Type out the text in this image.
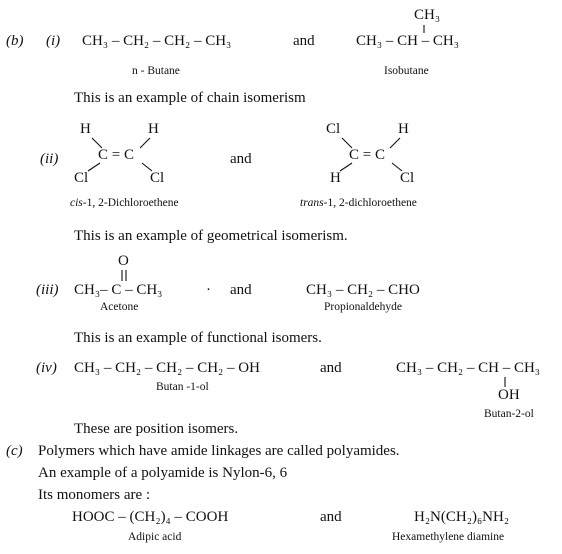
(b) (i) CH₃ – CH₂ – CH₂ – CH₃
n - Butane
and
CH₃
CH₃ – CH – CH₃
Isobutane
This is an example of chain isomerism
(ii)
H	H
C = C
Cl	Cl
cis-1, 2-Dichloroethene
and
Cl	H
C = C
H	Cl
trans-1, 2-dichloroethene
This is an example of geometrical isomerism.
(iii)
O
CH₃– C – CH₃
Acetone
· and	CH₃ – CH₂ – CHO
Propionaldehyde
This is an example of functional isomers.
(iv) CH₃ – CH₂ – CH₂ – CH₂ – OH
Butan -1-ol
and	CH₃ – CH₂ – CH – CH₃
OH
Butan-2-ol
These are position isomers.
(c) Polymers which have amide linkages are called polyamides.
An example of a polyamide is Nylon-6, 6
Its monomers are :
HOOC – (CH₂)₄ – COOH
Adipic acid
and	H₂N(CH₂)₆NH₂
Hexamethylene diamine
